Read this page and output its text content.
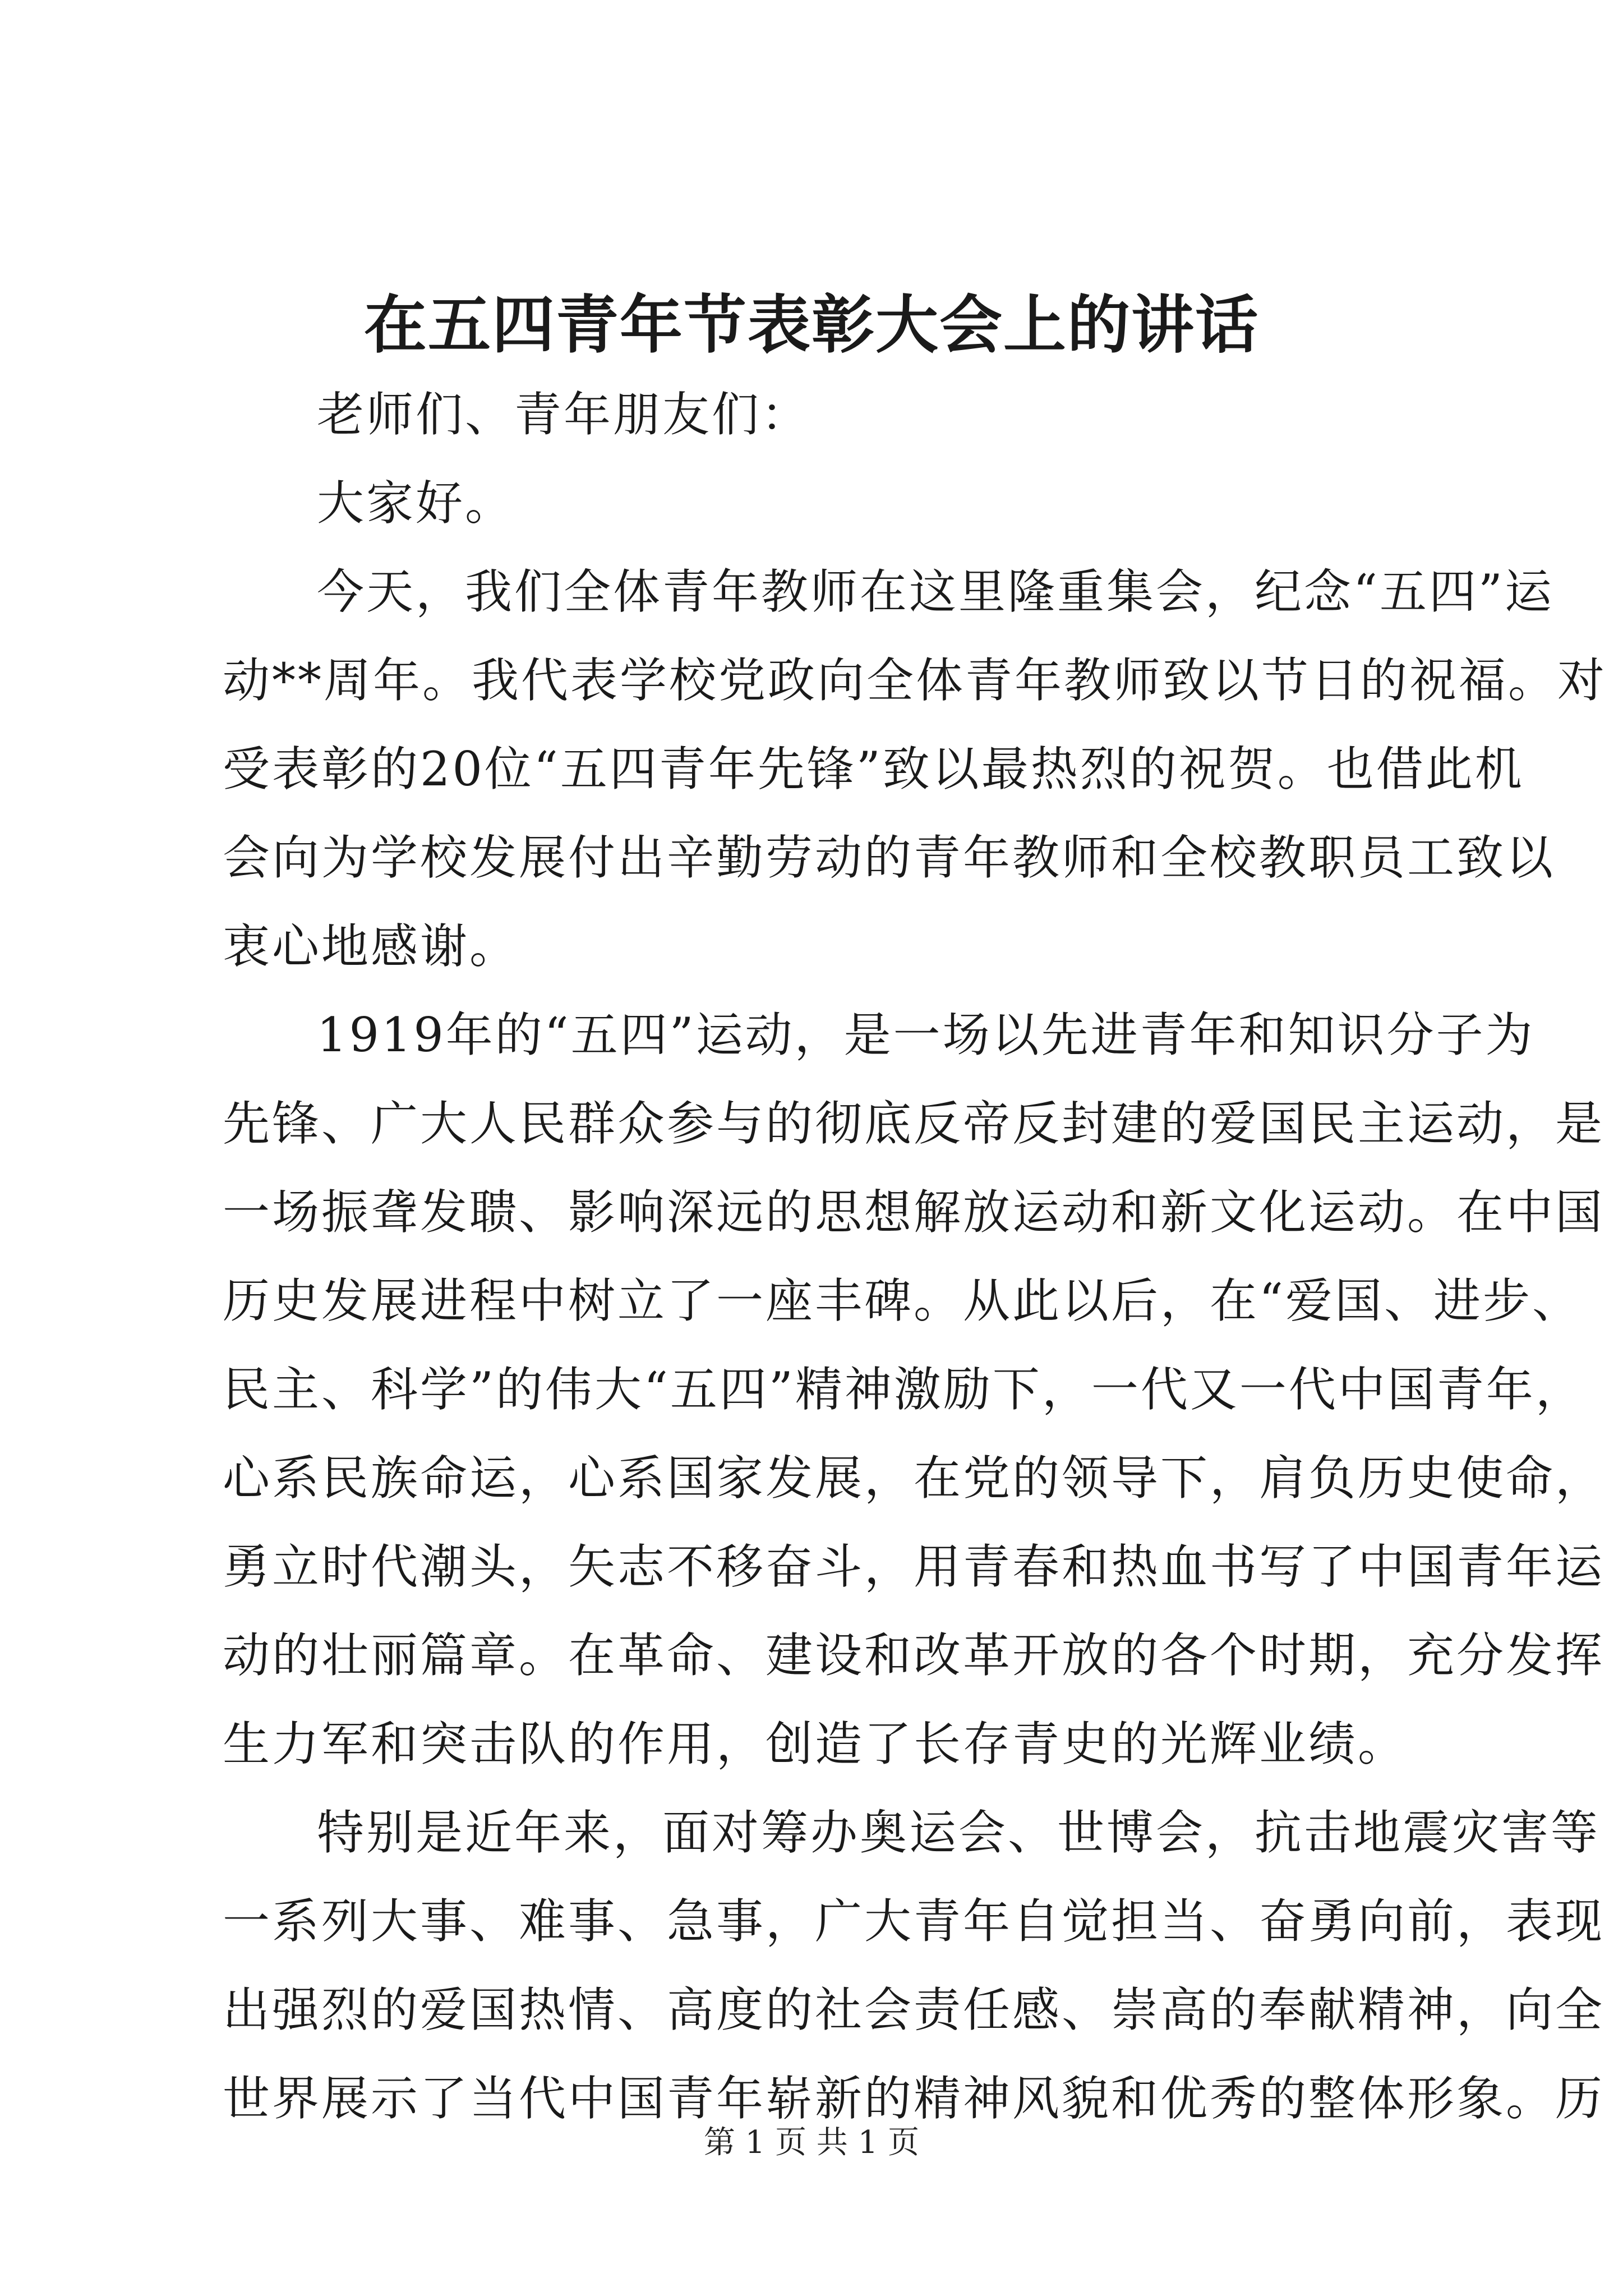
在五四青年节表彰大会上的讲话
老师们、青年朋友们：
大家好。
今天，我们全体青年教师在这里隆重集会，纪念“五四”运
动**周年。我代表学校党政向全体青年教师致以节日的祝福。对
受表彰的20位“五四青年先锋”致以最热烈的祝贺。也借此机
会向为学校发展付出辛勤劳动的青年教师和全校教职员工致以
衷心地感谢。
1919年的“五四”运动，是一场以先进青年和知识分子为
先锋、广大人民群众参与的彻底反帝反封建的爱国民主运动，是
一场振聋发聩、影响深远的思想解放运动和新文化运动。在中国
历史发展进程中树立了一座丰碑。从此以后，在“爱国、进步、
民主、科学”的伟大“五四”精神激励下，一代又一代中国青年，
心系民族命运，心系国家发展，在党的领导下，肩负历史使命，
勇立时代潮头，矢志不移奋斗，用青春和热血书写了中国青年运
动的壮丽篇章。在革命、建设和改革开放的各个时期，充分发挥
生力军和突击队的作用，创造了长存青史的光辉业绩。
特别是近年来，面对筹办奥运会、世博会，抗击地震灾害等
一系列大事、难事、急事，广大青年自觉担当、奋勇向前，表现
出强烈的爱国热情、高度的社会责任感、崇高的奉献精神，向全
世界展示了当代中国青年崭新的精神风貌和优秀的整体形象。历
第 1 页 共 1 页
